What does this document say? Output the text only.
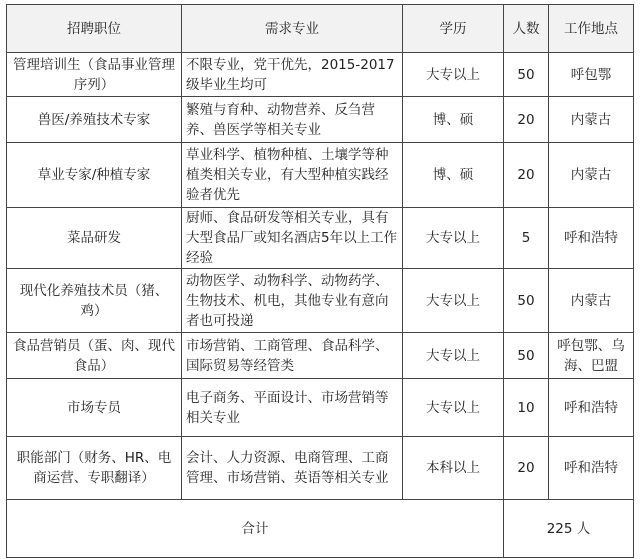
招聘职位	需求专业	学历	人数	工作地点
管理培训生（食品事业管理序列）	不限专业，党干优先，2015-2017级毕业生均可	大专以上	50	呼包鄂
兽医/养殖技术专家	繁殖与育种、动物营养、反刍营养、兽医学等相关专业	博、硕	20	内蒙古
草业专家/种植专家	草业科学、植物种植、土壤学等种植类相关专业，有大型种植实践经验者优先	博、硕	20	内蒙古
菜品研发	厨师、食品研发等相关专业，具有大型食品厂或知名酒店5年以上工作经验	大专以上	5	呼和浩特
现代化养殖技术员（猪、鸡）	动物医学、动物科学、动物药学、生物技术、机电，其他专业有意向者也可投递	大专以上	50	内蒙古
食品营销员（蛋、肉、现代食品）	市场营销、工商管理、食品科学、国际贸易等经管类	大专以上	50	呼包鄂、乌海、巴盟
市场专员	电子商务、平面设计、市场营销等相关专业	大专以上	10	呼和浩特
职能部门（财务、HR、电商运营、专职翻译）	会计、人力资源、电商管理、工商管理、市场营销、英语等相关专业	本科以上	20	呼和浩特
合计			225 人	
